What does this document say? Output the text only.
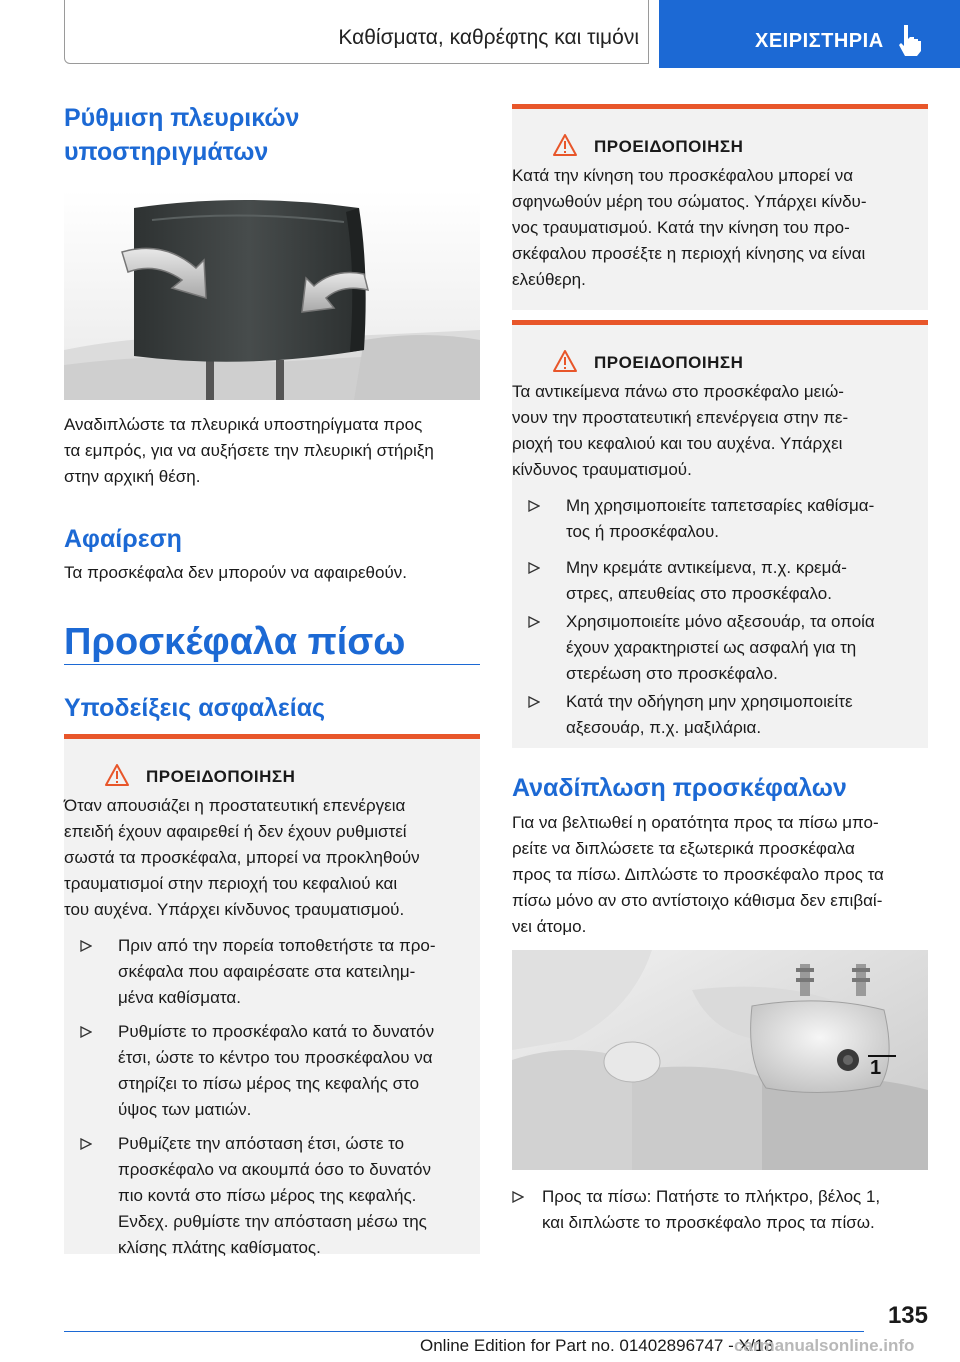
Καθίσματα, καθρέφτης και τιμόνι	ΧΕΙΡΙΣΤΗΡΙΑ
Ρύθμιση πλευρικών
υποστηριγμάτων
Αναδιπλώστε τα πλευρικά υποστηρίγματα προς
τα εμπρός, για να αυξήσετε την πλευρική στήριξη
στην αρχική θέση.
Αφαίρεση
Τα προσκέφαλα δεν μπορούν να αφαιρεθούν.
Προσκέφαλα πίσω
Υποδείξεις ασφαλείας
ΠΡΟΕΙΔΟΠΟΙΗΣΗ
Όταν απουσιάζει η προστατευτική επενέργεια
επειδή έχουν αφαιρεθεί ή δεν έχουν ρυθμιστεί
σωστά τα προσκέφαλα, μπορεί να προκληθούν
τραυματισμοί στην περιοχή του κεφαλιού και
του αυχένα. Υπάρχει κίνδυνος τραυματισμού.
Πριν από την πορεία τοποθετήστε τα προ-
σκέφαλα που αφαιρέσατε στα κατειλημ-
μένα καθίσματα.
Ρυθμίστε το προσκέφαλο κατά το δυνατόν
έτσι, ώστε το κέντρο του προσκέφαλου να
στηρίζει το πίσω μέρος της κεφαλής στο
ύψος των ματιών.
Ρυθμίζετε την απόσταση έτσι, ώστε το
προσκέφαλο να ακουμπά όσο το δυνατόν
πιο κοντά στο πίσω μέρος της κεφαλής.
Ενδεχ. ρυθμίστε την απόσταση μέσω της
κλίσης πλάτης καθίσματος.
ΠΡΟΕΙΔΟΠΟΙΗΣΗ
Κατά την κίνηση του προσκέφαλου μπορεί να
σφηνωθούν μέρη του σώματος. Υπάρχει κίνδυ-
νος τραυματισμού. Κατά την κίνηση του προ-
σκέφαλου προσέξτε η περιοχή κίνησης να είναι
ελεύθερη.
ΠΡΟΕΙΔΟΠΟΙΗΣΗ
Τα αντικείμενα πάνω στο προσκέφαλο μειώ-
νουν την προστατευτική επενέργεια στην πε-
ριοχή του κεφαλιού και του αυχένα. Υπάρχει
κίνδυνος τραυματισμού.
Μη χρησιμοποιείτε ταπετσαρίες καθίσμα-
τος ή προσκέφαλου.
Μην κρεμάτε αντικείμενα, π.χ. κρεμά-
στρες, απευθείας στο προσκέφαλο.
Χρησιμοποιείτε μόνο αξεσουάρ, τα οποία
έχουν χαρακτηριστεί ως ασφαλή για τη
στερέωση στο προσκέφαλο.
Κατά την οδήγηση μην χρησιμοποιείτε
αξεσουάρ, π.χ. μαξιλάρια.
Αναδίπλωση προσκέφαλων
Για να βελτιωθεί η ορατότητα προς τα πίσω μπο-
ρείτε να διπλώσετε τα εξωτερικά προσκέφαλα
προς τα πίσω. Διπλώστε το προσκέφαλο προς τα
πίσω μόνο αν στο αντίστοιχο κάθισμα δεν επιβαί-
νει άτομο.
1
Προς τα πίσω: Πατήστε το πλήκτρο, βέλος 1,
και διπλώστε το προσκέφαλο προς τα πίσω.
135
Online Edition for Part no. 01402896747 - X/18
carmanualsonline.info
